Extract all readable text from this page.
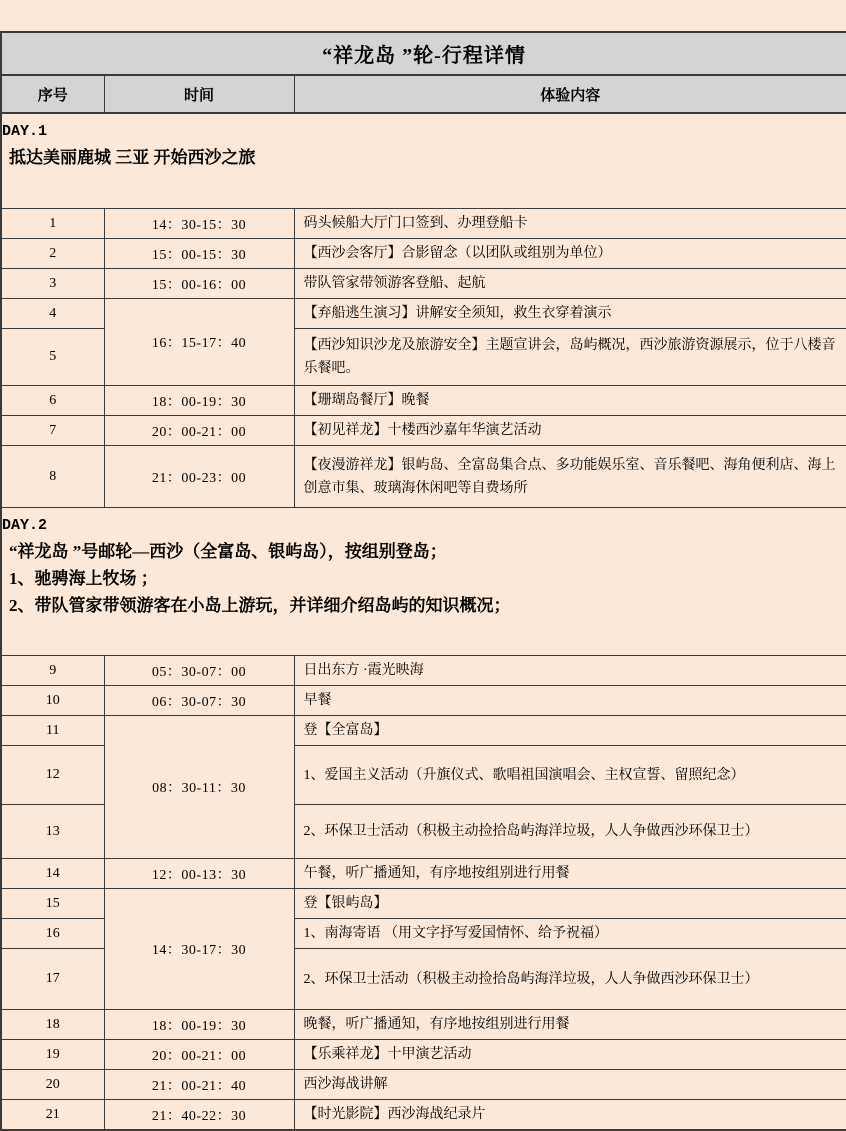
“祥龙岛 ”轮-行程详情		
序号	时间	体验内容

DAY.1
抵达美丽鹿城 三亚 开始西沙之旅		

1	14：30-15：30	码头候船大厅门口签到、办理登船卡
2	15：00-15：30	【西沙会客厅】合影留念（以团队或组别为单位）
3	15：00-16：00	带队管家带领游客登船、起航
4	16：15-17：40	【弃船逃生演习】讲解安全须知，救生衣穿着演示
5		【西沙知识沙龙及旅游安全】主题宣讲会，岛屿概况，西沙旅游资源展示，位于八楼音乐餐吧。
6	18：00-19：30	【珊瑚岛餐厅】晚餐
7	20：00-21：00	【初见祥龙】十楼西沙嘉年华演艺活动
8	21：00-23：00	【夜漫游祥龙】银屿岛、全富岛集合点、多功能娱乐室、音乐餐吧、海角便利店、海上创意市集、玻璃海休闲吧等自费场所

DAY.2
“祥龙岛 ”号邮轮—西沙（全富岛、银屿岛），按组别登岛；
1、驰骋海上牧场 ；
2、带队管家带领游客在小岛上游玩，并详细介绍岛屿的知识概况；		

9	05：30-07：00	日出东方 ·霞光映海
10	06：30-07：30	早餐
11	08：30-11：30	登【全富岛】
12		1、爱国主义活动（升旗仪式、歌唱祖国演唱会、主权宣誓、留照纪念）
13		2、环保卫士活动（积极主动捡拾岛屿海洋垃圾，人人争做西沙环保卫士）
14	12：00-13：30	午餐，听广播通知，有序地按组别进行用餐
15	14：30-17：30	登【银屿岛】
16		1、南海寄语 （用文字抒写爱国情怀、给予祝福）
17		2、环保卫士活动（积极主动捡拾岛屿海洋垃圾，人人争做西沙环保卫士）
18	18：00-19：30	晚餐，听广播通知，有序地按组别进行用餐
19	20：00-21：00	【乐乘祥龙】十甲演艺活动
20	21：00-21：40	西沙海战讲解
21	21：40-22：30	【时光影院】西沙海战纪录片
